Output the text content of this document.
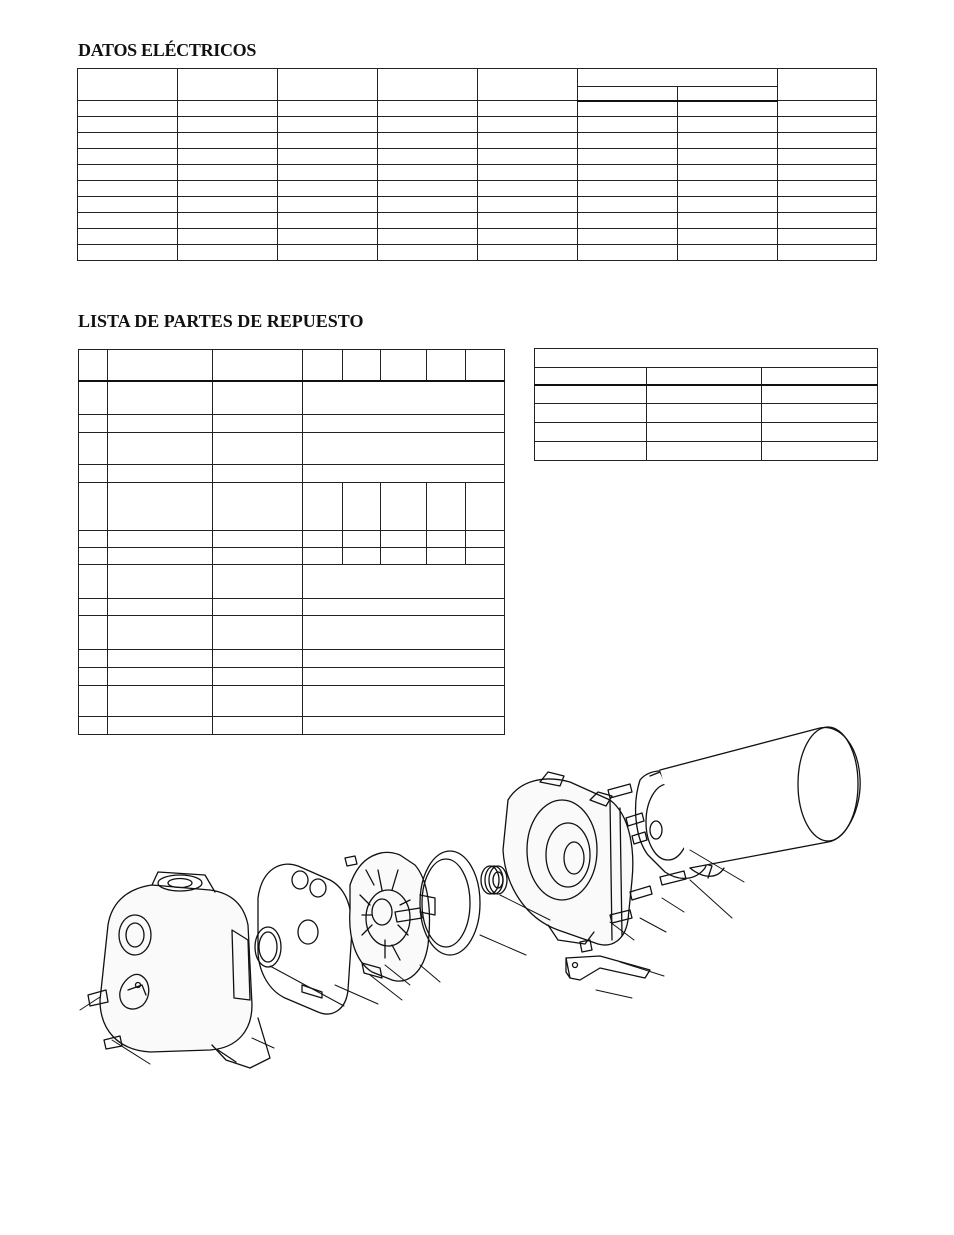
DATOS ELÉCTRICOS

LISTA DE PARTES DE REPUESTO
